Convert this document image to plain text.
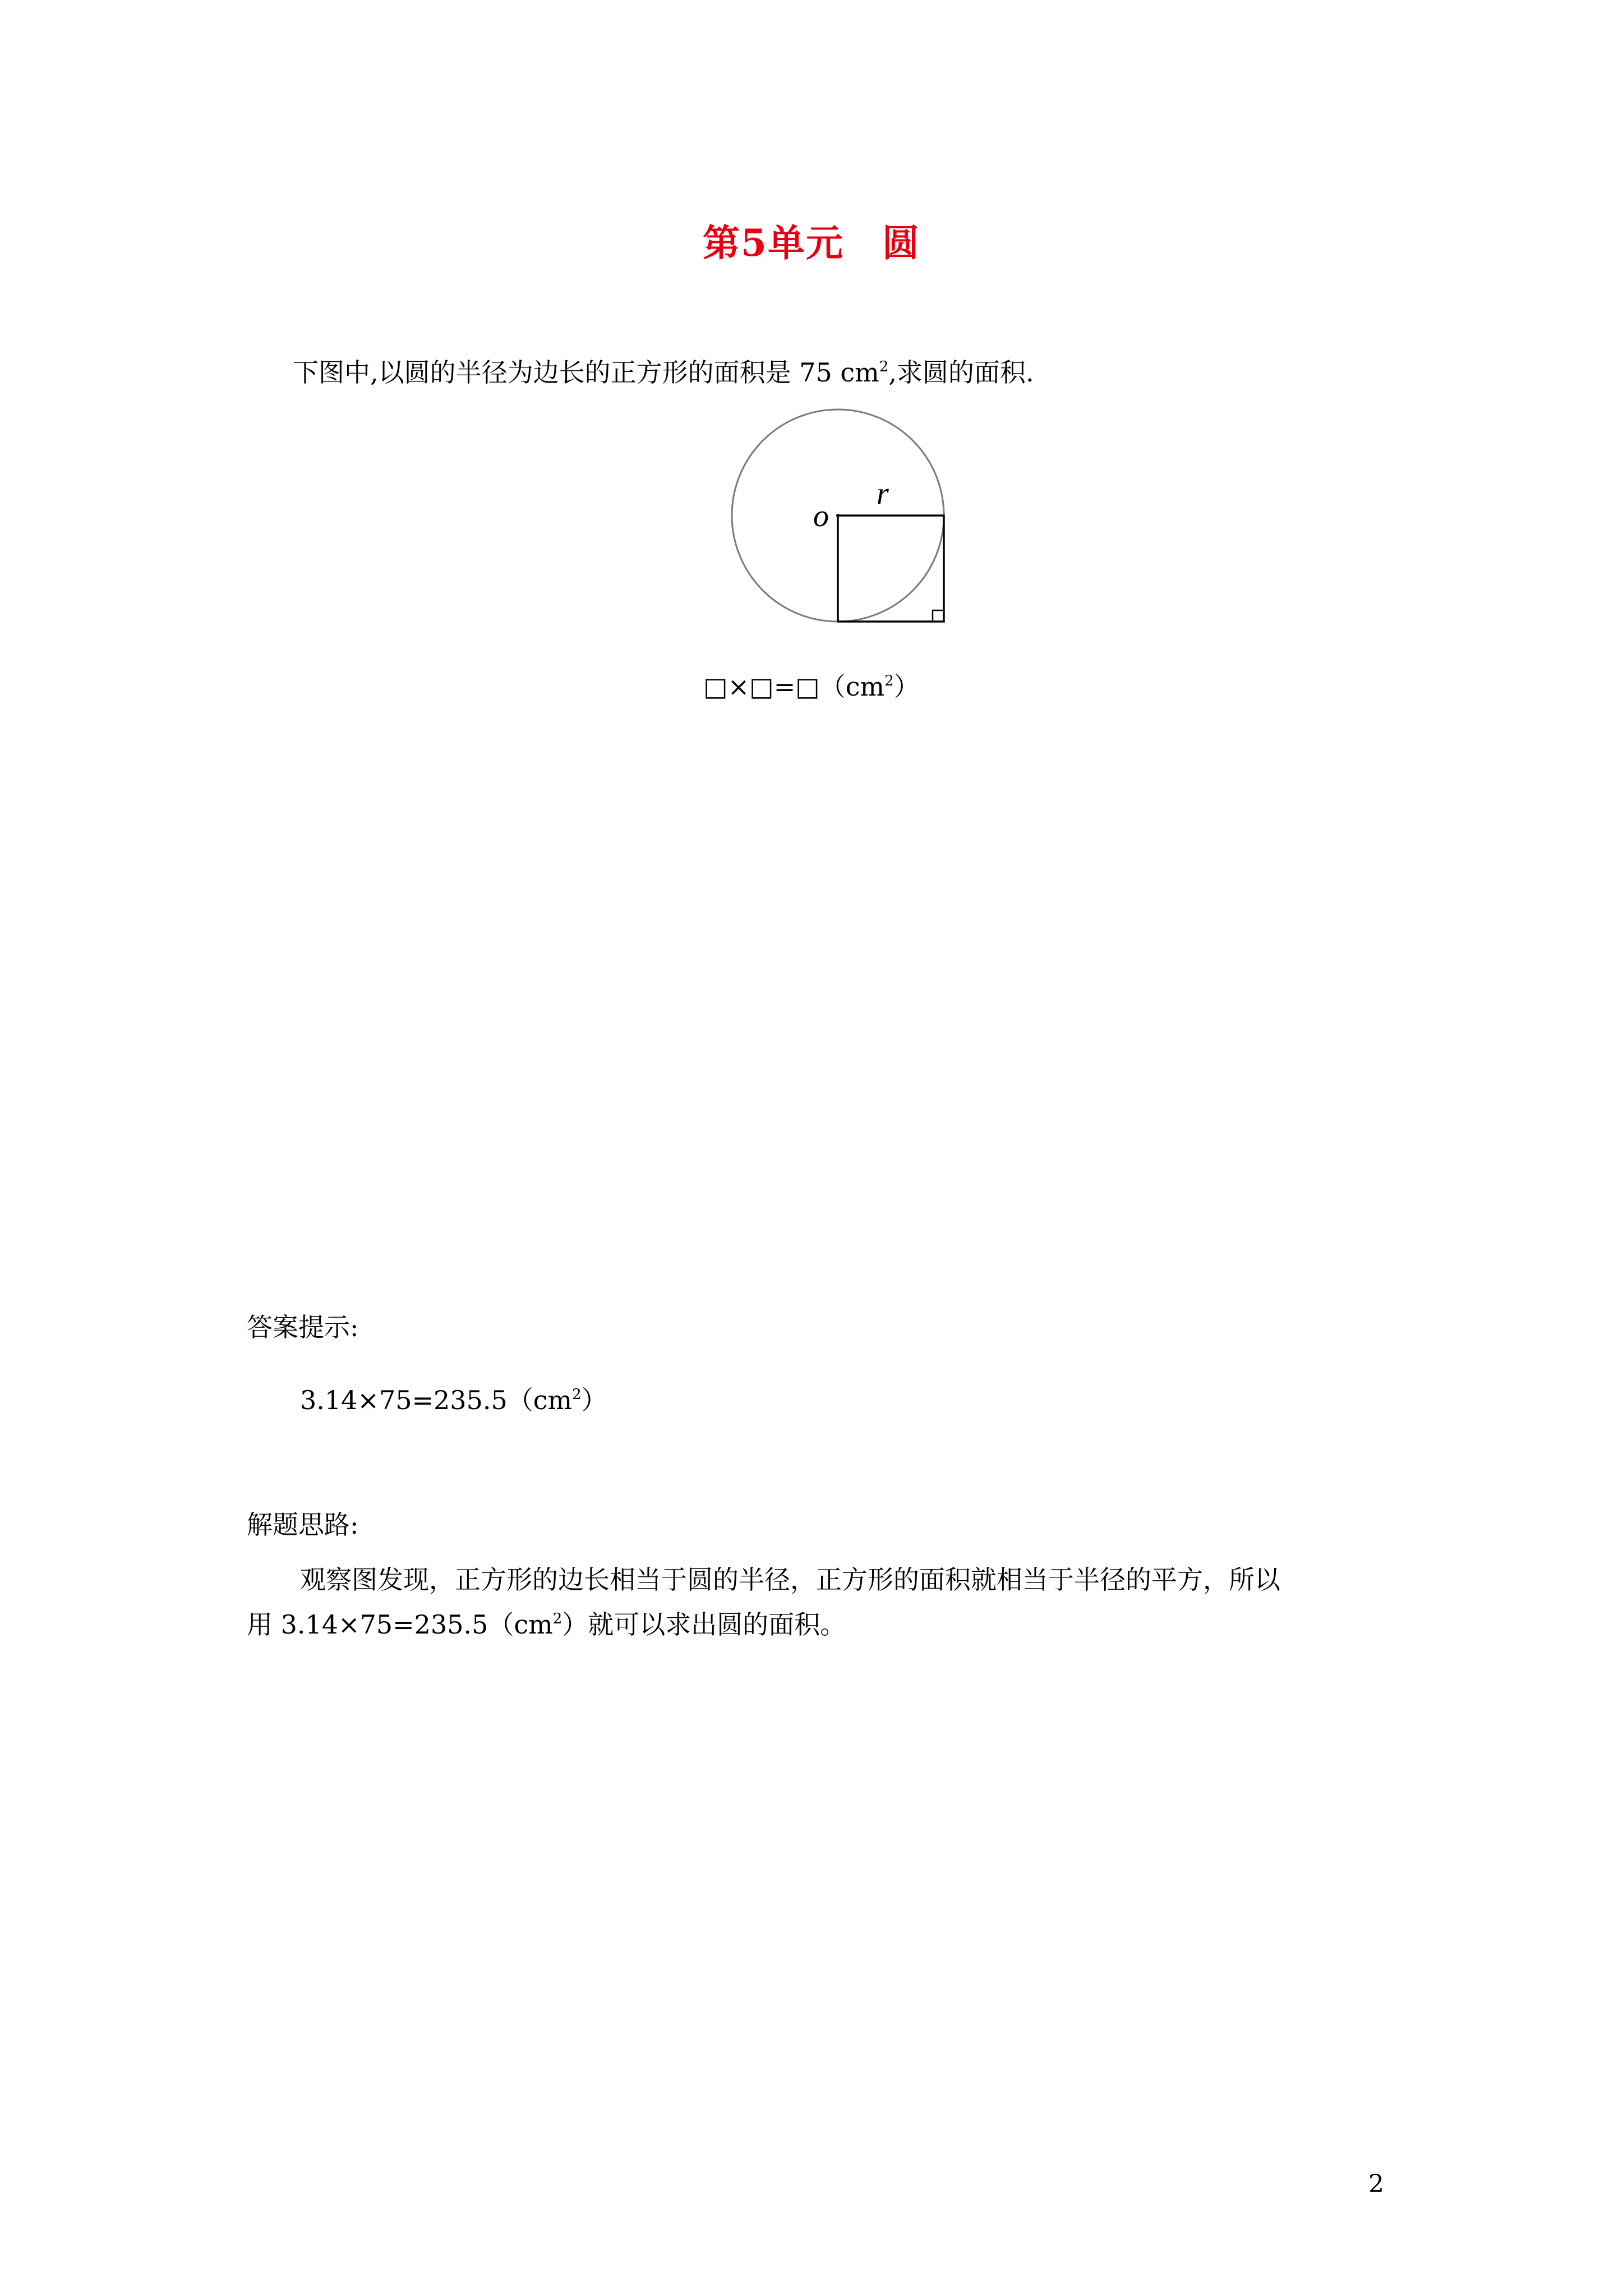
第5单元　圆
下图中,以圆的半径为边长的正方形的面积是 75 $cm^2$,求圆的面积.
o
r
$□\times□=□(cm^2)$
答案提示:
$3.14\times 75=235.5(cm^2)$
解题思路:
观察图发现，正方形的边长相当于圆的半径，正方形的面积就相当于半径的平方，所以
用 $3.14\times 75=235.5(cm^2)$就可以求出圆的面积。
2
